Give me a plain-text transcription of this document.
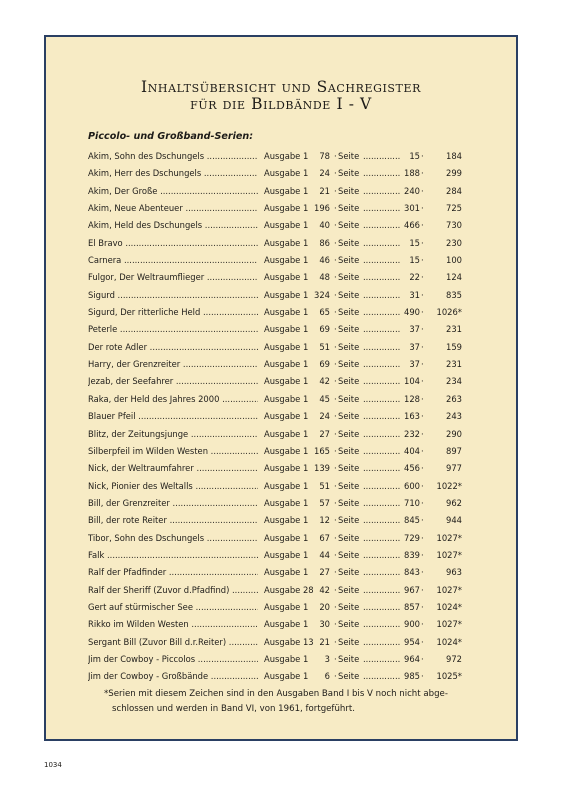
Inhaltsübersicht und Sachregister
für die Bildbände I - V
Piccolo- und Großband-Serien:
Akim, Sohn des Dschungels .....	Ausgabe 1	78 Seite	15	184
.....
·	·
Akim, Herr des Dschungels .....	Ausgabe 1	24 Seite	188	299
.....
·	·
Akim, Der Große .....	Ausgabe 1	21 Seite	240	284
.....
·	·
Akim, Neue Abenteuer .....	Ausgabe 1 196 Seite	301	725
.....
·	·
Akim, Held des Dschungels .....	Ausgabe 1	40 Seite	466	730
.....
·	·
El Bravo .....	Ausgabe 1	86 Seite	15	230
.....
·	·
Carnera .....	Ausgabe 1	46 Seite	15	100
.....
·	·
Fulgor, Der Weltraumflieger .....	Ausgabe 1	48 Seite	22	124
.....
·	·
Sigurd .....	Ausgabe 1 324 Seite	31	835
.....
·	·
Sigurd, Der ritterliche Held .....	Ausgabe 1	65 Seite	490	1026*
.....
·	·
Peterle .....	Ausgabe 1	69 Seite	37	231
.....
·	·
Der rote Adler .....	Ausgabe 1	51 Seite	37	159
.....
·	·
Harry, der Grenzreiter .....	Ausgabe 1	69 Seite	37	231
.....
·	·
Jezab, der Seefahrer .....	Ausgabe 1	42 Seite	104	234
.....
·	·
Raka, der Held des Jahres 2000 .....	Ausgabe 1	45 Seite	128	263
.....
·	·
Blauer Pfeil .....	Ausgabe 1	24 Seite	163	243
.....
·	·
Blitz, der Zeitungsjunge .....	Ausgabe 1	27 Seite	232	290
.....
·	·
Silberpfeil im Wilden Westen .....	Ausgabe 1 165 Seite	404	897
.....
·	·
Nick, der Weltraumfahrer .....	Ausgabe 1 139 Seite	456	977
.....
·	·
Nick, Pionier des Weltalls .....	Ausgabe 1	51 Seite	600	1022*
.....
·	·
Bill, der Grenzreiter .....	Ausgabe 1	57 Seite	710	962
.....
·	·
Bill, der rote Reiter .....	Ausgabe 1	12 Seite	845	944
.....
·	·
Tibor, Sohn des Dschungels .....	Ausgabe 1	67 Seite	729	1027*
.....
·	·
Falk .....	Ausgabe 1	44 Seite	839	1027*
.....
·	·
Ralf der Pfadfinder .....	Ausgabe 1	27 Seite	843	963
.....
·	·
Ralf der Sheriff (Zuvor d.Pfadfind) .....	Ausgabe 28 42 Seite	967	1027*
.....
·	·
Gert auf stürmischer See .....	Ausgabe 1	20 Seite	857	1024*
.....
·	·
Rikko im Wilden Westen .....	Ausgabe 1	30 Seite	900	1027*
.....
·	·
Sergant Bill (Zuvor Bill d.r.Reiter) .....	Ausgabe 13 21 Seite	954	1024*
.....
·	·
Jim der Cowboy - Piccolos .....	Ausgabe 1	3 Seite	964	972
.....
·	·
Jim der Cowboy - Großbände .....	Ausgabe 1	6 Seite	985	1025*
.....
·	·
*Serien mit diesem Zeichen sind in den Ausgaben Band I bis V noch nicht abge-
schlossen und werden in Band VI, von 1961, fortgeführt.
1034
